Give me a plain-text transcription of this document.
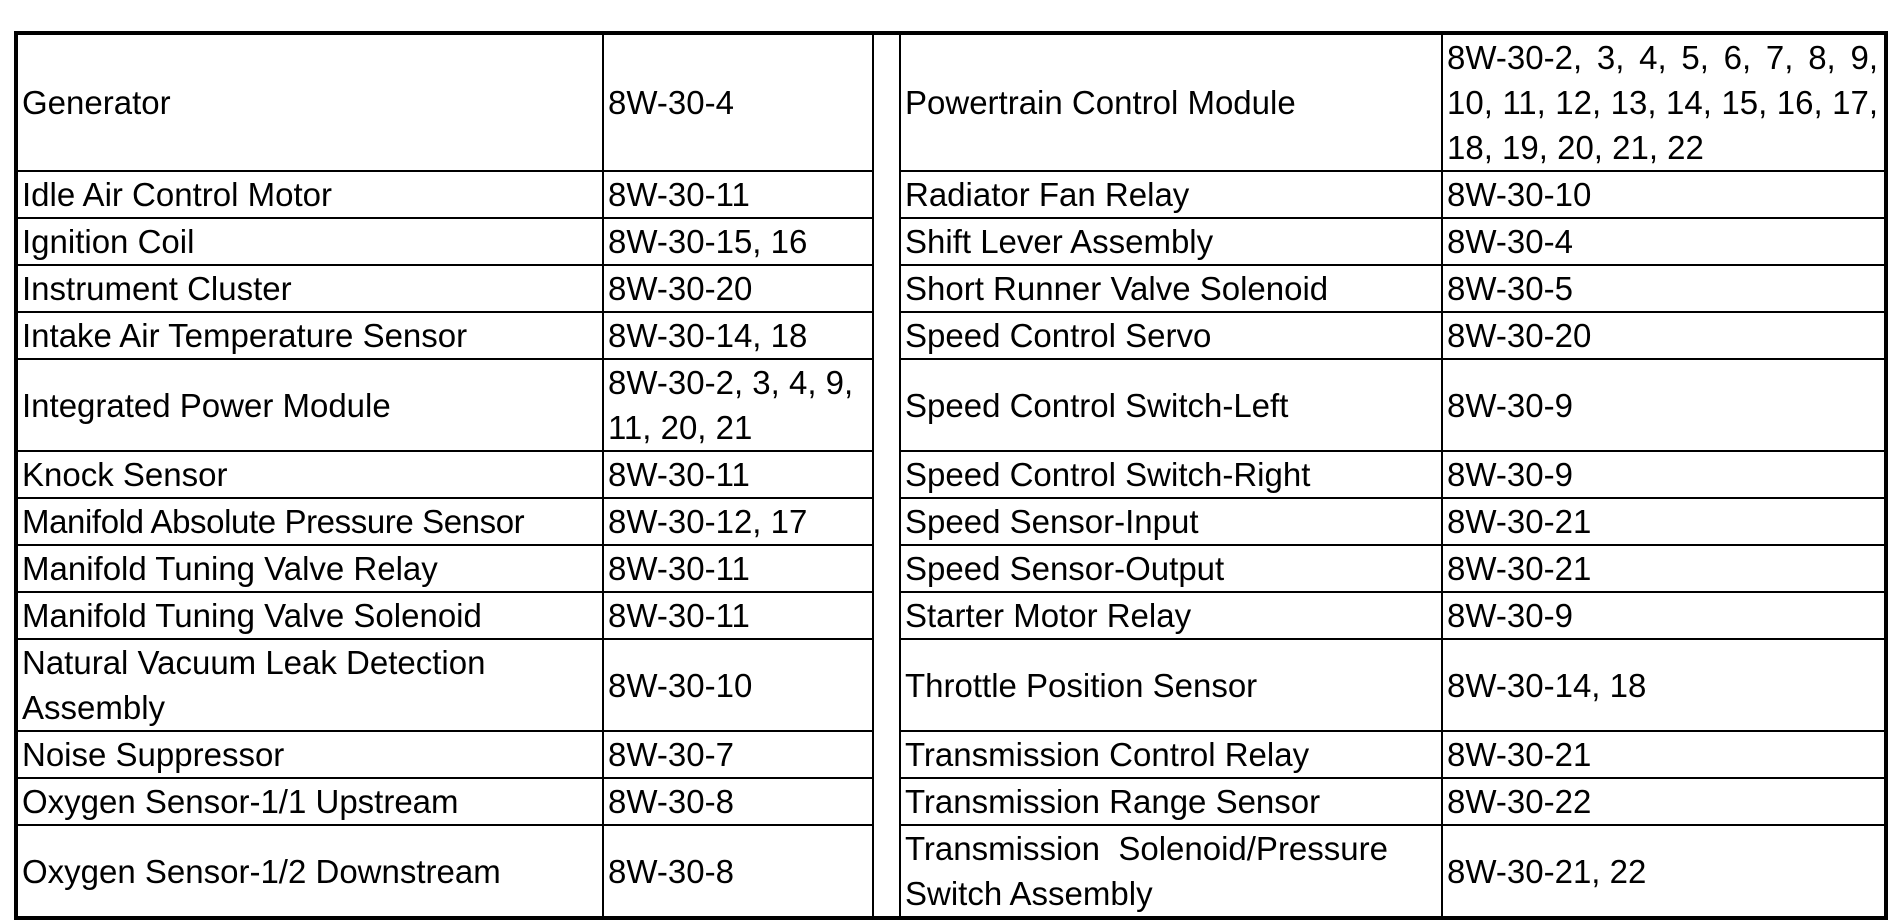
Generator	8W-30-4		Powertrain Control Module	8W-30-2, 3, 4, 5, 6, 7, 8, 9, 10, 11, 12, 13, 14, 15, 16, 17, 18, 19, 20, 21, 22
Idle Air Control Motor	8W-30-11		Radiator Fan Relay	8W-30-10
Ignition Coil	8W-30-15, 16		Shift Lever Assembly	8W-30-4
Instrument Cluster	8W-30-20		Short Runner Valve Solenoid	8W-30-5
Intake Air Temperature Sensor	8W-30-14, 18		Speed Control Servo	8W-30-20
Integrated Power Module	8W-30-2, 3, 4, 9, 11, 20, 21		Speed Control Switch-Left	8W-30-9
Knock Sensor	8W-30-11		Speed Control Switch-Right	8W-30-9
Manifold Absolute Pressure Sensor	8W-30-12, 17		Speed Sensor-Input	8W-30-21
Manifold Tuning Valve Relay	8W-30-11		Speed Sensor-Output	8W-30-21
Manifold Tuning Valve Solenoid	8W-30-11		Starter Motor Relay	8W-30-9
Natural Vacuum Leak Detection Assembly	8W-30-10		Throttle Position Sensor	8W-30-14, 18
Noise Suppressor	8W-30-7		Transmission Control Relay	8W-30-21
Oxygen Sensor-1/1 Upstream	8W-30-8		Transmission Range Sensor	8W-30-22
Oxygen Sensor-1/2 Downstream	8W-30-8		Transmission  Solenoid/Pressure Switch Assembly	8W-30-21, 22
